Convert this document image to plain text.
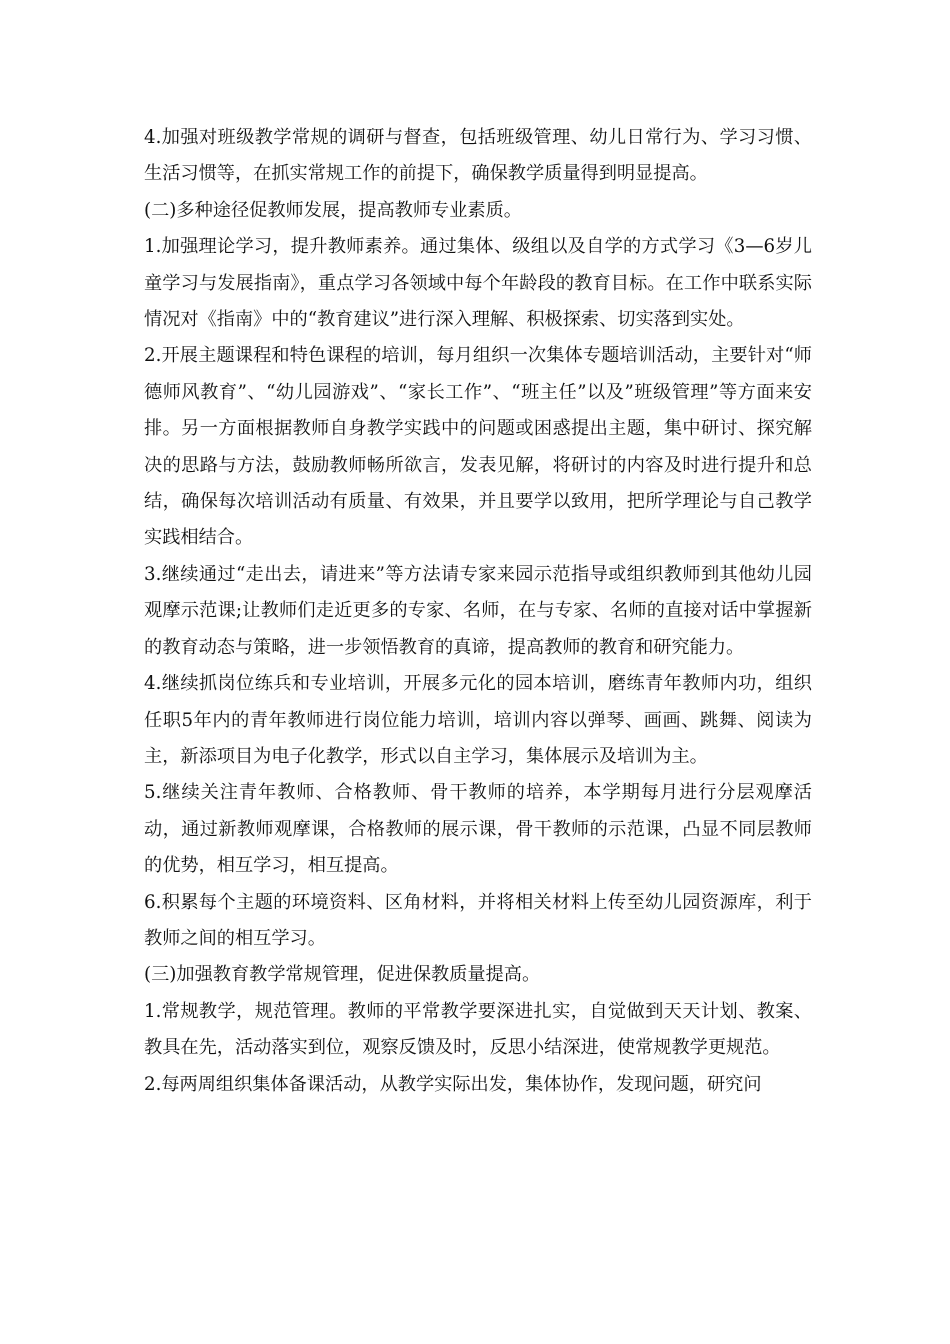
4.加强对班级教学常规的调研与督查，包括班级管理、幼儿日常行为、学习习惯、生活习惯等，在抓实常规工作的前提下，确保教学质量得到明显提高。

(二)多种途径促教师发展，提高教师专业素质。

1.加强理论学习，提升教师素养。通过集体、级组以及自学的方式学习《3—6岁儿童学习与发展指南》，重点学习各领域中每个年龄段的教育目标。在工作中联系实际情况对《指南》中的“教育建议”进行深入理解、积极探索、切实落到实处。

2.开展主题课程和特色课程的培训，每月组织一次集体专题培训活动，主要针对“师德师风教育”、“幼儿园游戏”、“家长工作”、“班主任”以及”班级管理”等方面来安排。另一方面根据教师自身教学实践中的问题或困惑提出主题，集中研讨、探究解决的思路与方法，鼓励教师畅所欲言，发表见解，将研讨的内容及时进行提升和总结，确保每次培训活动有质量、有效果，并且要学以致用，把所学理论与自己教学实践相结合。

3.继续通过“走出去，请进来”等方法请专家来园示范指导或组织教师到其他幼儿园观摩示范课;让教师们走近更多的专家、名师，在与专家、名师的直接对话中掌握新的教育动态与策略，进一步领悟教育的真谛，提高教师的教育和研究能力。

4.继续抓岗位练兵和专业培训，开展多元化的园本培训，磨练青年教师内功，组织任职5年内的青年教师进行岗位能力培训，培训内容以弹琴、画画、跳舞、阅读为主，新添项目为电子化教学，形式以自主学习，集体展示及培训为主。

5.继续关注青年教师、合格教师、骨干教师的培养，本学期每月进行分层观摩活动，通过新教师观摩课，合格教师的展示课，骨干教师的示范课，凸显不同层教师的优势，相互学习，相互提高。

6.积累每个主题的环境资料、区角材料，并将相关材料上传至幼儿园资源库，利于教师之间的相互学习。

(三)加强教育教学常规管理，促进保教质量提高。

1.常规教学，规范管理。教师的平常教学要深进扎实，自觉做到天天计划、教案、教具在先，活动落实到位，观察反馈及时，反思小结深进，使常规教学更规范。

2.每两周组织集体备课活动，从教学实际出发，集体协作，发现问题，研究问
